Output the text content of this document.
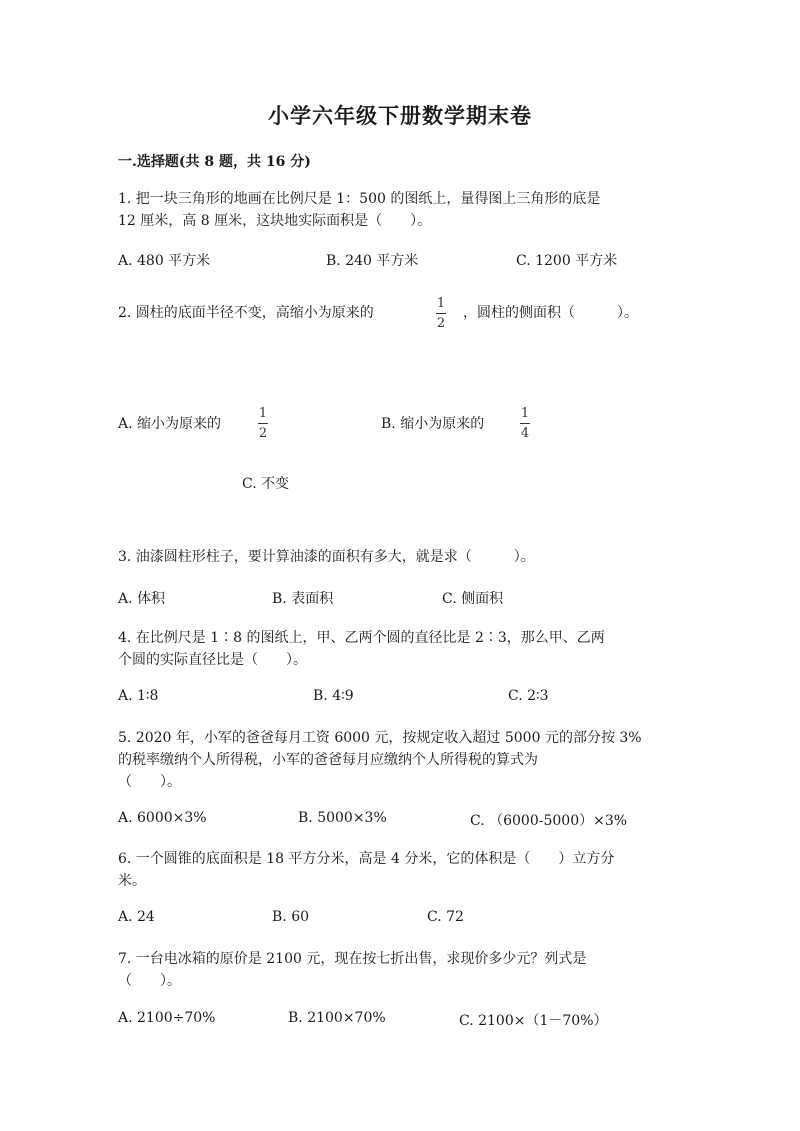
小学六年级下册数学期末卷
一.选择题(共 8 题，共 16 分)
1. 把一块三角形的地画在比例尺是 1：500 的图纸上，量得图上三角形的底是
12 厘米，高 8 厘米，这块地实际面积是（　　）。
A. 480 平方米	B. 240 平方米	C. 1200 平方米
2. 圆柱的底面半径不变，高缩小为原来的
1
2
，圆柱的侧面积（　　　）。
A. 缩小为原来的
1
2
B. 缩小为原来的
1
4
C. 不变
3. 油漆圆柱形柱子，要计算油漆的面积有多大，就是求（　　　）。
A. 体积	B. 表面积	C. 侧面积
4. 在比例尺是 1∶8 的图纸上，甲、乙两个圆的直径比是 2∶3，那么甲、乙两
个圆的实际直径比是（　　）。
A. 1∶8	B. 4∶9	C. 2∶3
5. 2020 年，小军的爸爸每月工资 6000 元，按规定收入超过 5000 元的部分按 3%
的税率缴纳个人所得税，小军的爸爸每月应缴纳个人所得税的算式为
（　　）。
A. 6000×3%	B. 5000×3%	C. （6000-5000）×3%
6. 一个圆锥的底面积是 18 平方分米，高是 4 分米，它的体积是（　　）立方分
米。
A. 24	B. 60	C. 72
7. 一台电冰箱的原价是 2100 元，现在按七折出售，求现价多少元？列式是
（　　）。
A. 2100÷70%	B. 2100×70%	C. 2100×（1－70%）
